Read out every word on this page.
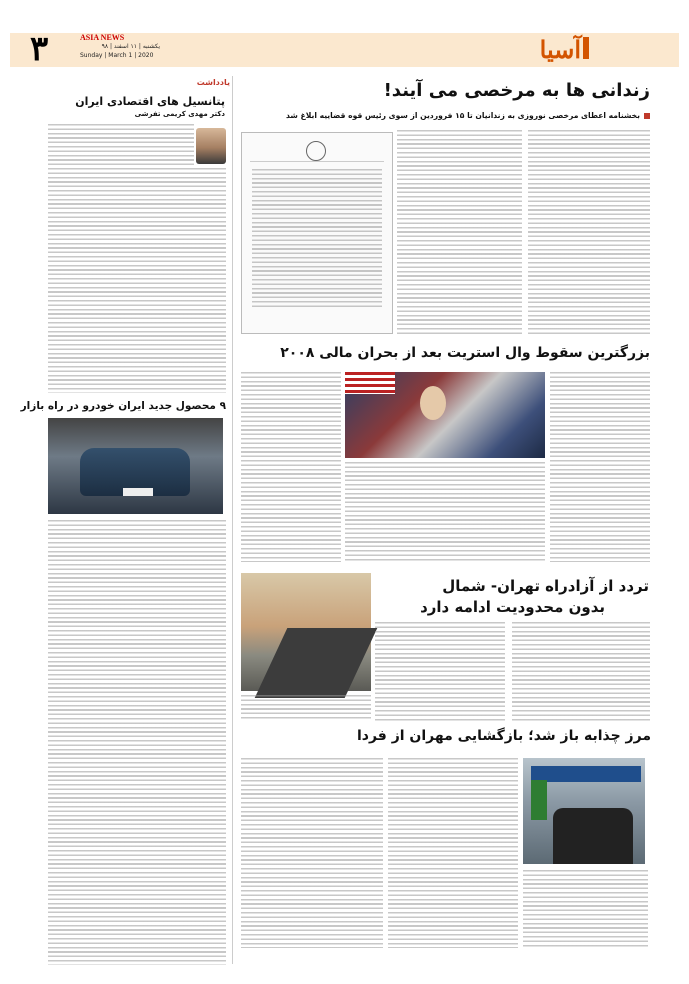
۳	ASIA NEWS
یکشنبه | ۱۱ اسفند | ۹۸
Sunday | March 1 | 2020	آسیا
یادداشت
پتانسیل های اقتصادی ایران
دکتر مهدی کریمی تفرشی
۹ محصول جدید ایران خودرو در راه بازار
زندانی ها به مرخصی می آیند!
بخشنامه اعطای مرخصی نوروزی به زندانیان تا ۱۵ فروردین از سوی رئیس قوه قضاییه ابلاغ شد
بزرگترین سقوط وال استریت بعد از بحران مالی ۲۰۰۸
تردد از آزادراه تهران- شمال
بدون محدودیت ادامه دارد
مرز چذابه باز شد؛ بازگشایی مهران از فردا
